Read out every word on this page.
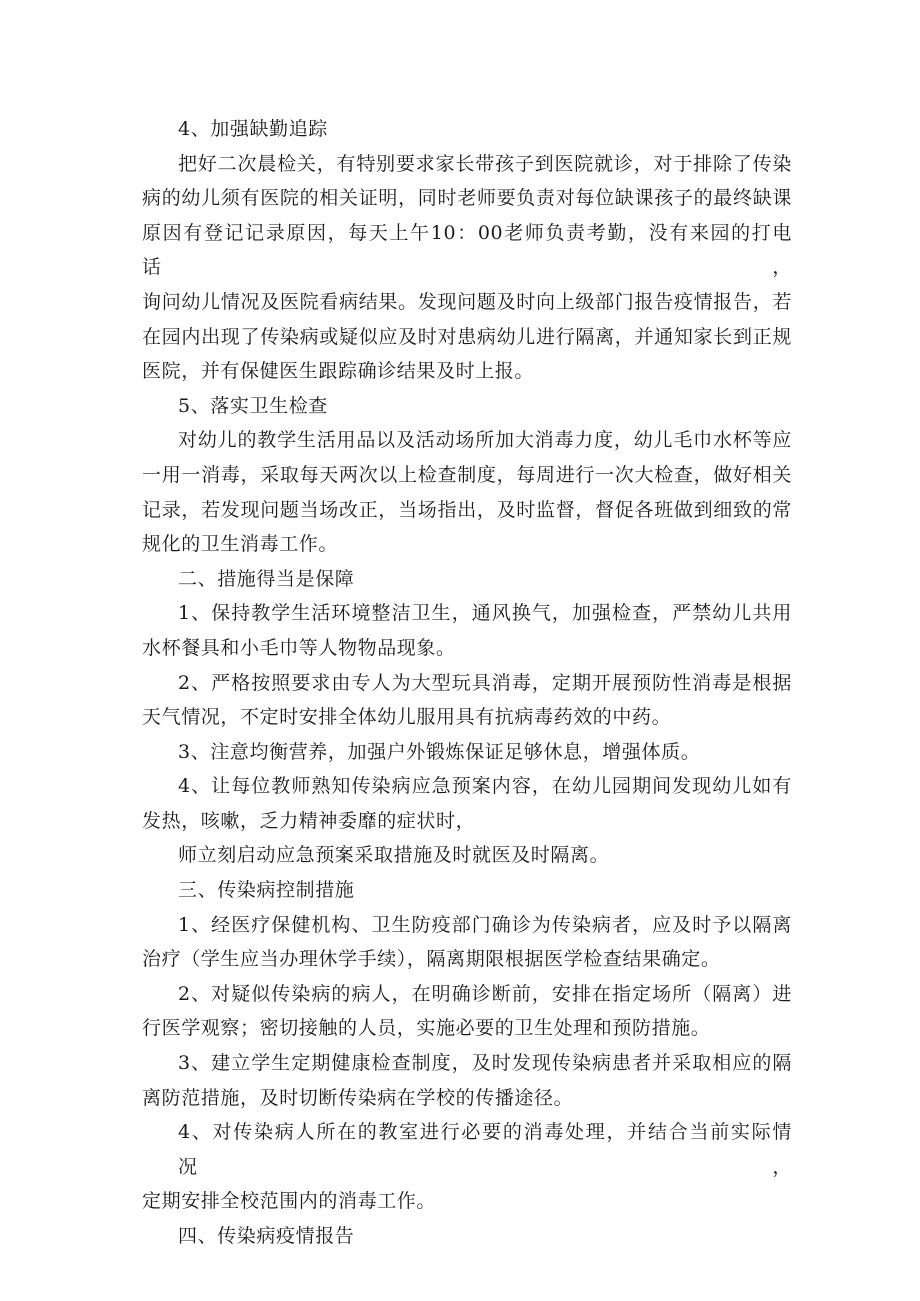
4、加强缺勤追踪

把好二次晨检关，有特别要求家长带孩子到医院就诊，对于排除了传染

病的幼儿须有医院的相关证明，同时老师要负责对每位缺课孩子的最终缺课

原因有登记记录原因，每天上午10：00老师负责考勤，没有来园的打电话，

询问幼儿情况及医院看病结果。发现问题及时向上级部门报告疫情报告，若

在园内出现了传染病或疑似应及时对患病幼儿进行隔离，并通知家长到正规

医院，并有保健医生跟踪确诊结果及时上报。

5、落实卫生检查

对幼儿的教学生活用品以及活动场所加大消毒力度，幼儿毛巾水杯等应

一用一消毒，采取每天两次以上检查制度，每周进行一次大检查，做好相关

记录，若发现问题当场改正，当场指出，及时监督，督促各班做到细致的常

规化的卫生消毒工作。

二、措施得当是保障

1、保持教学生活环境整洁卫生，通风换气，加强检查，严禁幼儿共用

水杯餐具和小毛巾等人物物品现象。

2、严格按照要求由专人为大型玩具消毒，定期开展预防性消毒是根据

天气情况，不定时安排全体幼儿服用具有抗病毒药效的中药。

3、注意均衡营养，加强户外锻炼保证足够休息，增强体质。

4、让每位教师熟知传染病应急预案内容，在幼儿园期间发现幼儿如有

发热，咳嗽，乏力精神委靡的症状时，

师立刻启动应急预案采取措施及时就医及时隔离。

三、传染病控制措施

1、经医疗保健机构、卫生防疫部门确诊为传染病者，应及时予以隔离

治疗（学生应当办理休学手续），隔离期限根据医学检查结果确定。

2、对疑似传染病的病人，在明确诊断前，安排在指定场所（隔离）进

行医学观察；密切接触的人员，实施必要的卫生处理和预防措施。

3、建立学生定期健康检查制度，及时发现传染病患者并采取相应的隔

离防范措施，及时切断传染病在学校的传播途径。

4、对传染病人所在的教室进行必要的消毒处理，并结合当前实际情况，

定期安排全校范围内的消毒工作。

四、传染病疫情报告
